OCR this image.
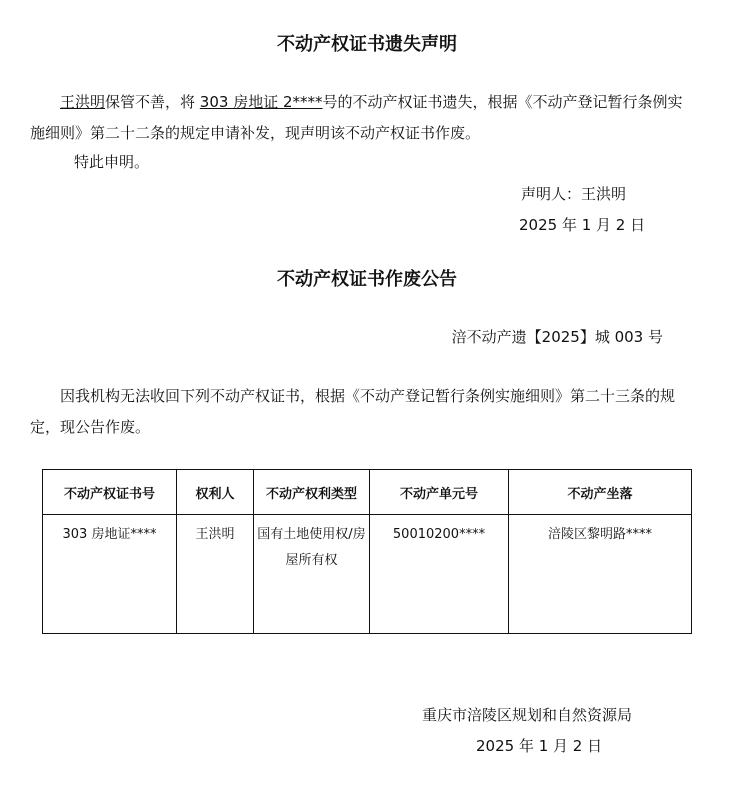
不动产权证书遗失声明
王洪明保管不善，将 303 房地证 2****号的不动产权证书遗失，根据《不动产登记暂行条例实施细则》第二十二条的规定申请补发，现声明该不动产权证书作废。
特此申明。
声明人：王洪明
2025 年 1 月 2 日
不动产权证书作废公告
涪不动产遗【2025】城 003 号
因我机构无法收回下列不动产权证书，根据《不动产登记暂行条例实施细则》第二十三条的规定，现公告作废。
不动产权证书号	权利人	不动产权利类型	不动产单元号	不动产坐落
303 房地证****	王洪明	国有土地使用权/房屋所有权	50010200****	涪陵区黎明路****
重庆市涪陵区规划和自然资源局
2025 年 1 月 2 日
